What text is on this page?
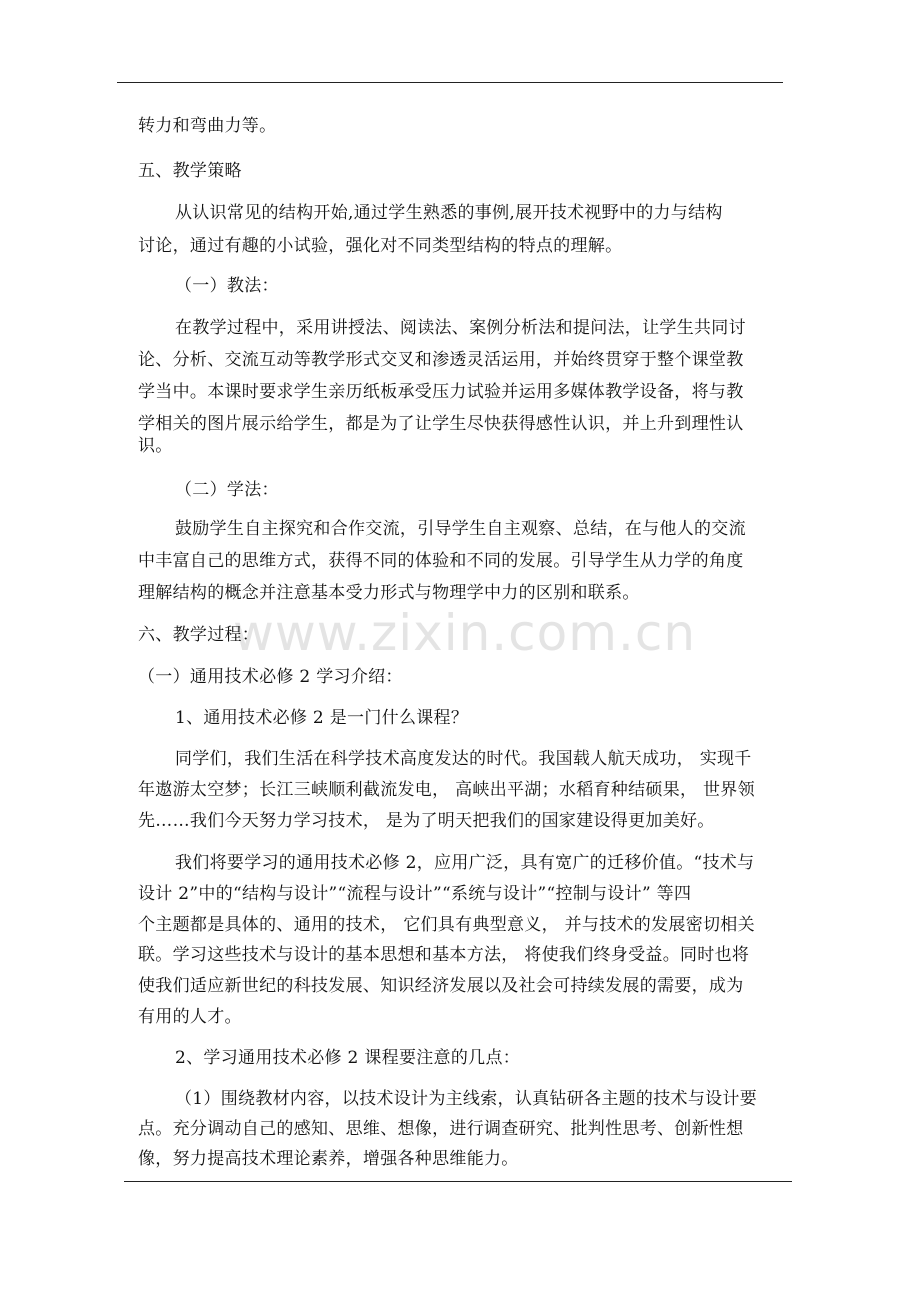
www.zixin.com.cn
转力和弯曲力等。
五、教学策略
从认识常见的结构开始,通过学生熟悉的事例,展开技术视野中的力与结构
讨论，通过有趣的小试验，强化对不同类型结构的特点的理解。
（一）教法：
在教学过程中，采用讲授法、阅读法、案例分析法和提问法，让学生共同讨
论、分析、交流互动等教学形式交叉和渗透灵活运用，并始终贯穿于整个课堂教
学当中。本课时要求学生亲历纸板承受压力试验并运用多媒体教学设备，将与教
学相关的图片展示给学生，都是为了让学生尽快获得感性认识，并上升到理性认
识。
（二）学法：
鼓励学生自主探究和合作交流，引导学生自主观察、总结，在与他人的交流
中丰富自己的思维方式，获得不同的体验和不同的发展。引导学生从力学的角度
理解结构的概念并注意基本受力形式与物理学中力的区别和联系。
六、教学过程：
（一）通用技术必修 2 学习介绍：
1、通用技术必修 2 是一门什么课程？
同学们，我们生活在科学技术高度发达的时代。我国载人航天成功， 实现千
年遨游太空梦；长江三峡顺利截流发电， 高峡出平湖；水稻育种结硕果， 世界领
先……我们今天努力学习技术， 是为了明天把我们的国家建设得更加美好。
我们将要学习的通用技术必修 2，应用广泛，具有宽广的迁移价值。“技术与
设计 2”中的“结构与设计”“流程与设计”“系统与设计”“控制与设计” 等四
个主题都是具体的、通用的技术， 它们具有典型意义， 并与技术的发展密切相关
联。学习这些技术与设计的基本思想和基本方法， 将使我们终身受益。同时也将
使我们适应新世纪的科技发展、知识经济发展以及社会可持续发展的需要，成为
有用的人才。
2、学习通用技术必修 2 课程要注意的几点：
（1）围绕教材内容，以技术设计为主线索，认真钻研各主题的技术与设计要
点。充分调动自己的感知、思维、想像，进行调查研究、批判性思考、创新性想
像，努力提高技术理论素养，增强各种思维能力。
